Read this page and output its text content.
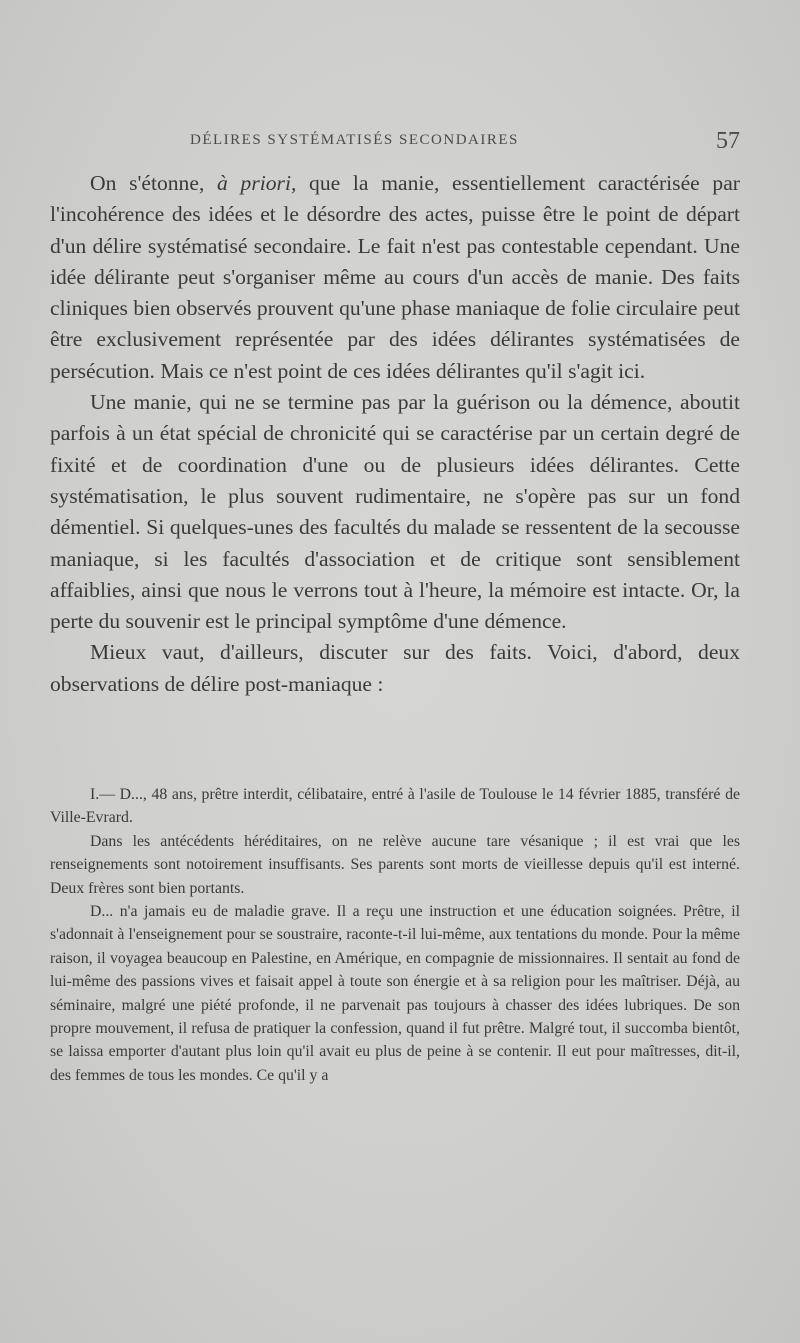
DÉLIRES SYSTÉMATISÉS SECONDAIRES	57

On s'étonne, à priori, que la manie, essentiellement caractérisée par l'incohérence des idées et le désordre des actes, puisse être le point de départ d'un délire systématisé secondaire. Le fait n'est pas contestable cependant. Une idée délirante peut s'organiser même au cours d'un accès de manie. Des faits cliniques bien observés prouvent qu'une phase maniaque de folie circulaire peut être exclusivement représentée par des idées délirantes systématisées de persécution. Mais ce n'est point de ces idées délirantes qu'il s'agit ici.

Une manie, qui ne se termine pas par la guérison ou la démence, aboutit parfois à un état spécial de chronicité qui se caractérise par un certain degré de fixité et de coordination d'une ou de plusieurs idées délirantes. Cette systématisation, le plus souvent rudimentaire, ne s'opère pas sur un fond démentiel. Si quelques-unes des facultés du malade se ressentent de la secousse maniaque, si les facultés d'association et de critique sont sensiblement affaiblies, ainsi que nous le verrons tout à l'heure, la mémoire est intacte. Or, la perte du souvenir est le principal symptôme d'une démence.

Mieux vaut, d'ailleurs, discuter sur des faits. Voici, d'abord, deux observations de délire post-maniaque :

I.— D..., 48 ans, prêtre interdit, célibataire, entré à l'asile de Toulouse le 14 février 1885, transféré de Ville-Evrard.

Dans les antécédents héréditaires, on ne relève aucune tare vésanique ; il est vrai que les renseignements sont notoirement insuffisants. Ses parents sont morts de vieillesse depuis qu'il est interné. Deux frères sont bien portants.

D... n'a jamais eu de maladie grave. Il a reçu une instruction et une éducation soignées. Prêtre, il s'adonnait à l'enseignement pour se soustraire, raconte-t-il lui-même, aux tentations du monde. Pour la même raison, il voyagea beaucoup en Palestine, en Amérique, en compagnie de missionnaires. Il sentait au fond de lui-même des passions vives et faisait appel à toute son énergie et à sa religion pour les maîtriser. Déjà, au séminaire, malgré une piété profonde, il ne parvenait pas toujours à chasser des idées lubriques. De son propre mouvement, il refusa de pratiquer la confession, quand il fut prêtre. Malgré tout, il succomba bientôt, se laissa emporter d'autant plus loin qu'il avait eu plus de peine à se contenir. Il eut pour maîtresses, dit-il, des femmes de tous les mondes. Ce qu'il y a
